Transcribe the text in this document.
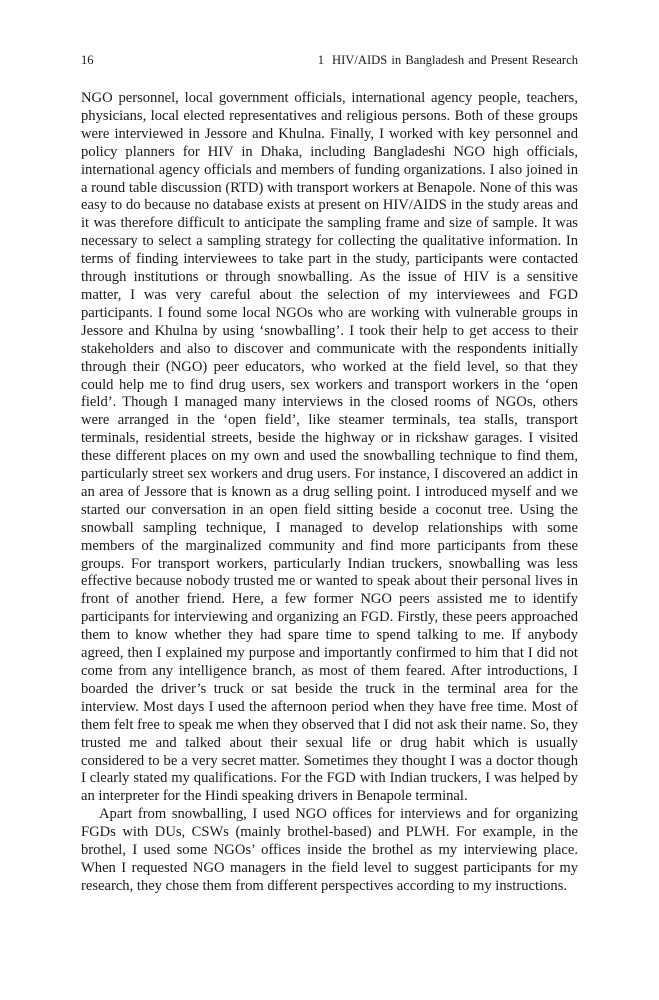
16	1 HIV/AIDS in Bangladesh and Present Research

NGO personnel, local government officials, international agency people, teachers, physicians, local elected representatives and religious persons. Both of these groups were interviewed in Jessore and Khulna. Finally, I worked with key personnel and policy planners for HIV in Dhaka, including Bangladeshi NGO high officials, international agency officials and members of funding organizations. I also joined in a round table discussion (RTD) with transport workers at Benapole. None of this was easy to do because no database exists at present on HIV/AIDS in the study areas and it was therefore difficult to anticipate the sampling frame and size of sample. It was necessary to select a sampling strategy for collecting the qualitative information. In terms of finding interviewees to take part in the study, participants were contacted through institutions or through snowballing. As the issue of HIV is a sensitive matter, I was very careful about the selection of my interviewees and FGD participants. I found some local NGOs who are working with vulnerable groups in Jessore and Khulna by using ‘snowballing’. I took their help to get access to their stakeholders and also to discover and communicate with the respondents initially through their (NGO) peer educators, who worked at the field level, so that they could help me to find drug users, sex workers and transport workers in the ‘open field’. Though I managed many interviews in the closed rooms of NGOs, others were arranged in the ‘open field’, like steamer terminals, tea stalls, transport terminals, residential streets, beside the highway or in rickshaw garages. I visited these different places on my own and used the snowballing technique to find them, particularly street sex workers and drug users. For instance, I discovered an addict in an area of Jessore that is known as a drug selling point. I introduced myself and we started our conversation in an open field sitting beside a coconut tree. Using the snowball sampling technique, I managed to develop relationships with some members of the marginalized community and find more participants from these groups. For transport workers, particularly Indian truckers, snowballing was less effective because nobody trusted me or wanted to speak about their personal lives in front of another friend. Here, a few former NGO peers assisted me to identify participants for interviewing and organizing an FGD. Firstly, these peers approached them to know whether they had spare time to spend talking to me. If anybody agreed, then I explained my purpose and importantly confirmed to him that I did not come from any intelligence branch, as most of them feared. After introductions, I boarded the driver’s truck or sat beside the truck in the terminal area for the interview. Most days I used the afternoon period when they have free time. Most of them felt free to speak me when they observed that I did not ask their name. So, they trusted me and talked about their sexual life or drug habit which is usually considered to be a very secret matter. Sometimes they thought I was a doctor though I clearly stated my qualifications. For the FGD with Indian truckers, I was helped by an interpreter for the Hindi speaking drivers in Benapole terminal.

Apart from snowballing, I used NGO offices for interviews and for organizing FGDs with DUs, CSWs (mainly brothel-based) and PLWH. For example, in the brothel, I used some NGOs’ offices inside the brothel as my interviewing place. When I requested NGO managers in the field level to suggest participants for my research, they chose them from different perspectives according to my instructions.
